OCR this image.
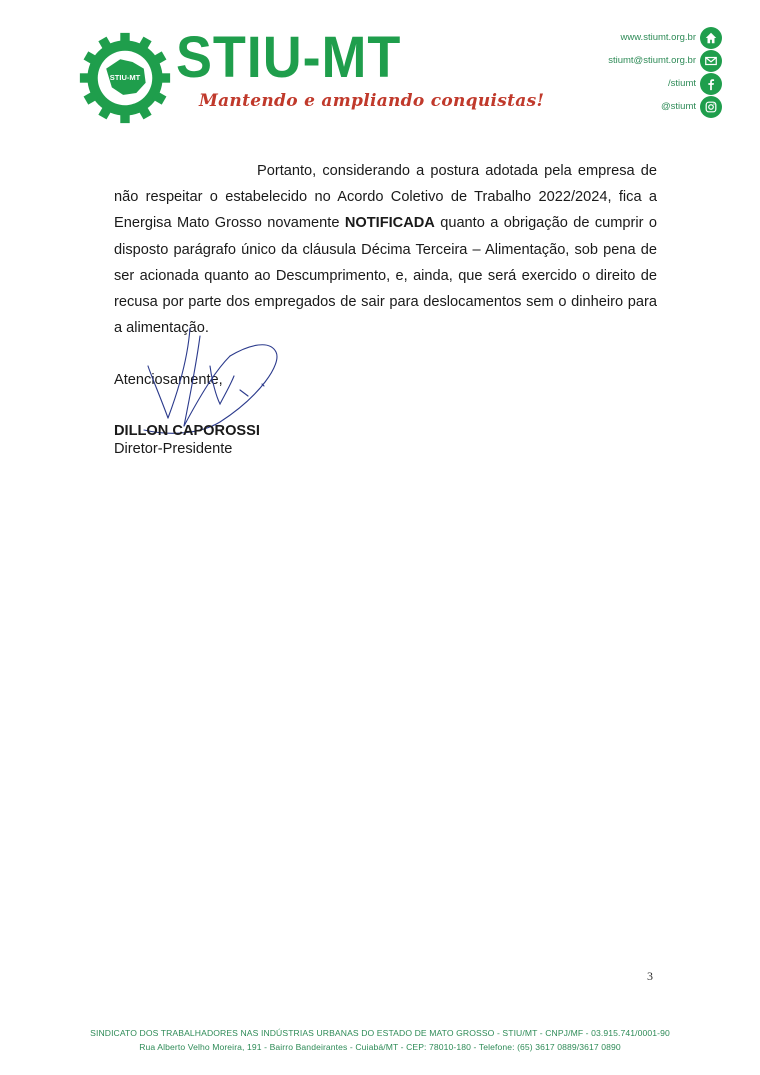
STIU-MT STIU-MT
Mantendo e ampliando conquistas!
www.stiumt.org.br
stiumt@stiumt.org.br
/stiumt
@stiumt

Portanto, considerando a postura adotada pela empresa de não respeitar o estabelecido no Acordo Coletivo de Trabalho 2022/2024, fica a Energisa Mato Grosso novamente NOTIFICADA quanto a obrigação de cumprir o disposto parágrafo único da cláusula Décima Terceira – Alimentação, sob pena de ser acionada quanto ao Descumprimento, e, ainda, que será exercido o direito de recusa por parte dos empregados de sair para deslocamentos sem o dinheiro para a alimentação.

Atenciosamente,
DILLON CAPOROSSI
Diretor-Presidente
3
SINDICATO DOS TRABALHADORES NAS INDÚSTRIAS URBANAS DO ESTADO DE MATO GROSSO - STIU/MT - CNPJ/MF - 03.915.741/0001-90
Rua Alberto Velho Moreira, 191 - Bairro Bandeirantes - Cuiabá/MT - CEP: 78010-180 - Telefone: (65) 3617 0889/3617 0890
